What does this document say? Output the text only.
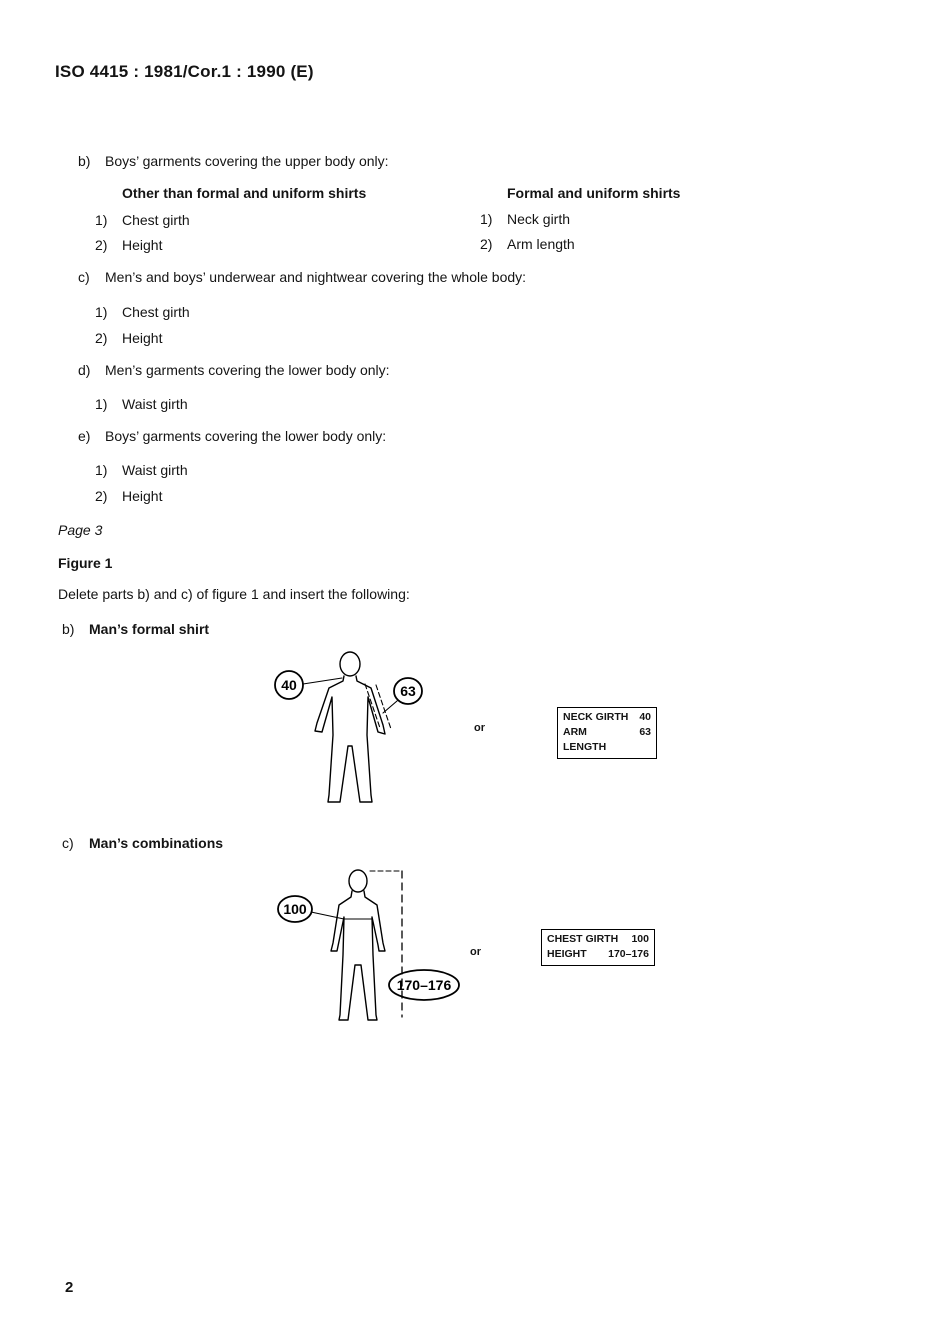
ISO 4415 : 1981/Cor.1 : 1990 (E)
b) Boys’ garments covering the upper body only:
Other than formal and uniform shirts	Formal and uniform shirts
1) Chest girth
2) Height
1) Neck girth
2) Arm length
c) Men’s and boys’ underwear and nightwear covering the whole body:
1) Chest girth
2) Height
d) Men’s garments covering the lower body only:
1) Waist girth
e) Boys’ garments covering the lower body only:
1) Waist girth
2) Height
Page 3
Figure 1
Delete parts b) and c) of figure 1 and insert the following:
b) Man’s formal shirt
40	63
or
NECK GIRTH 40
ARM LENGTH
63
c) Man’s combinations
100
170–176
or
CHEST GIRTH 100
HEIGHT 170–176
2
